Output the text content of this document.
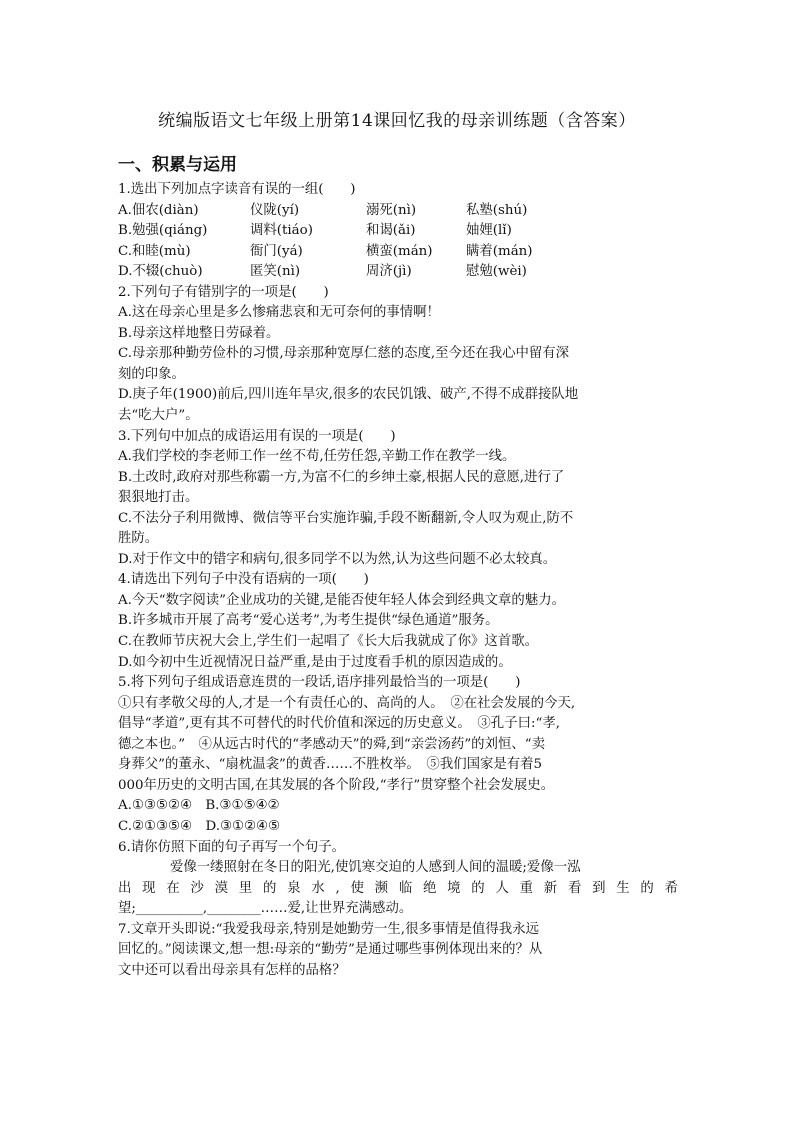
统编版语文七年级上册第14课回忆我的母亲训练题（含答案）
一、积累与运用
1.选出下列加点字读音有误的一组(　　)
A.佃农(diàn)	仪陇(yí)	溺死(nì)	私塾(shú)
B.勉强(qiáng)	调料(tiáo)	和谒(ǎi)	妯娌(lǐ)
C.和睦(mù)	衙门(yá)	横蛮(mán)	瞒着(mán)
D.不辍(chuò)	匿笑(nì)	周济(jì)	慰勉(wèi)
2.下列句子有错别字的一项是(　　)
A.这在母亲心里是多么惨痛悲哀和无可奈何的事情啊！
B.母亲这样地整日劳碌着。
C.母亲那种勤劳俭朴的习惯,母亲那种宽厚仁慈的态度,至今还在我心中留有深
刻的印象。
D.庚子年(1900)前后,四川连年旱灾,很多的农民饥饿、破产,不得不成群接队地
去“吃大户”。
3.下列句中加点的成语运用有误的一项是(　　)
A.我们学校的李老师工作一丝不苟,任劳任怨,辛勤工作在教学一线。
B.土改时,政府对那些称霸一方,为富不仁的乡绅土豪,根据人民的意愿,进行了
狠狠地打击。
C.不法分子利用微博、微信等平台实施诈骗,手段不断翻新,令人叹为观止,防不
胜防。
D.对于作文中的错字和病句,很多同学不以为然,认为这些问题不必太较真。
4.请选出下列句子中没有语病的一项(　　)
A.今天“数字阅读”企业成功的关键,是能否使年轻人体会到经典文章的魅力。
B.许多城市开展了高考“爱心送考”,为考生提供“绿色通道”服务。
C.在教师节庆祝大会上,学生们一起唱了《长大后我就成了你》这首歌。
D.如今初中生近视情况日益严重,是由于过度看手机的原因造成的。
5.将下列句子组成语意连贯的一段话,语序排列最恰当的一项是(　　)
①只有孝敬父母的人,才是一个有责任心的、高尚的人。　②在社会发展的今天,
倡导“孝道”,更有其不可替代的时代价值和深远的历史意义。　③孔子曰:“孝,
德之本也。”　④从远古时代的“孝感动天”的舜,到“亲尝汤药”的刘恒、“卖
身葬父”的董永、“扇枕温衾”的黄香……不胜枚举。　⑤我们国家是有着5
000年历史的文明古国,在其发展的各个阶段,“孝行”贯穿整个社会发展史。
A.①③⑤②④　B.③①⑤④②
C.②①③⑤④　D.③①②④⑤
6.请你仿照下面的句子再写一个句子。
爱像一缕照射在冬日的阳光,使饥寒交迫的人感到人间的温暖;爱像一泓
出现在沙漠里的泉水,使濒临绝境的人重新看到生的希
望;__________,________……爱,让世界充满感动。
7.文章开头即说:“我爱我母亲,特别是她勤劳一生,很多事情是值得我永远
回忆的。”阅读课文,想一想:母亲的“勤劳”是通过哪些事例体现出来的？从
文中还可以看出母亲具有怎样的品格？
